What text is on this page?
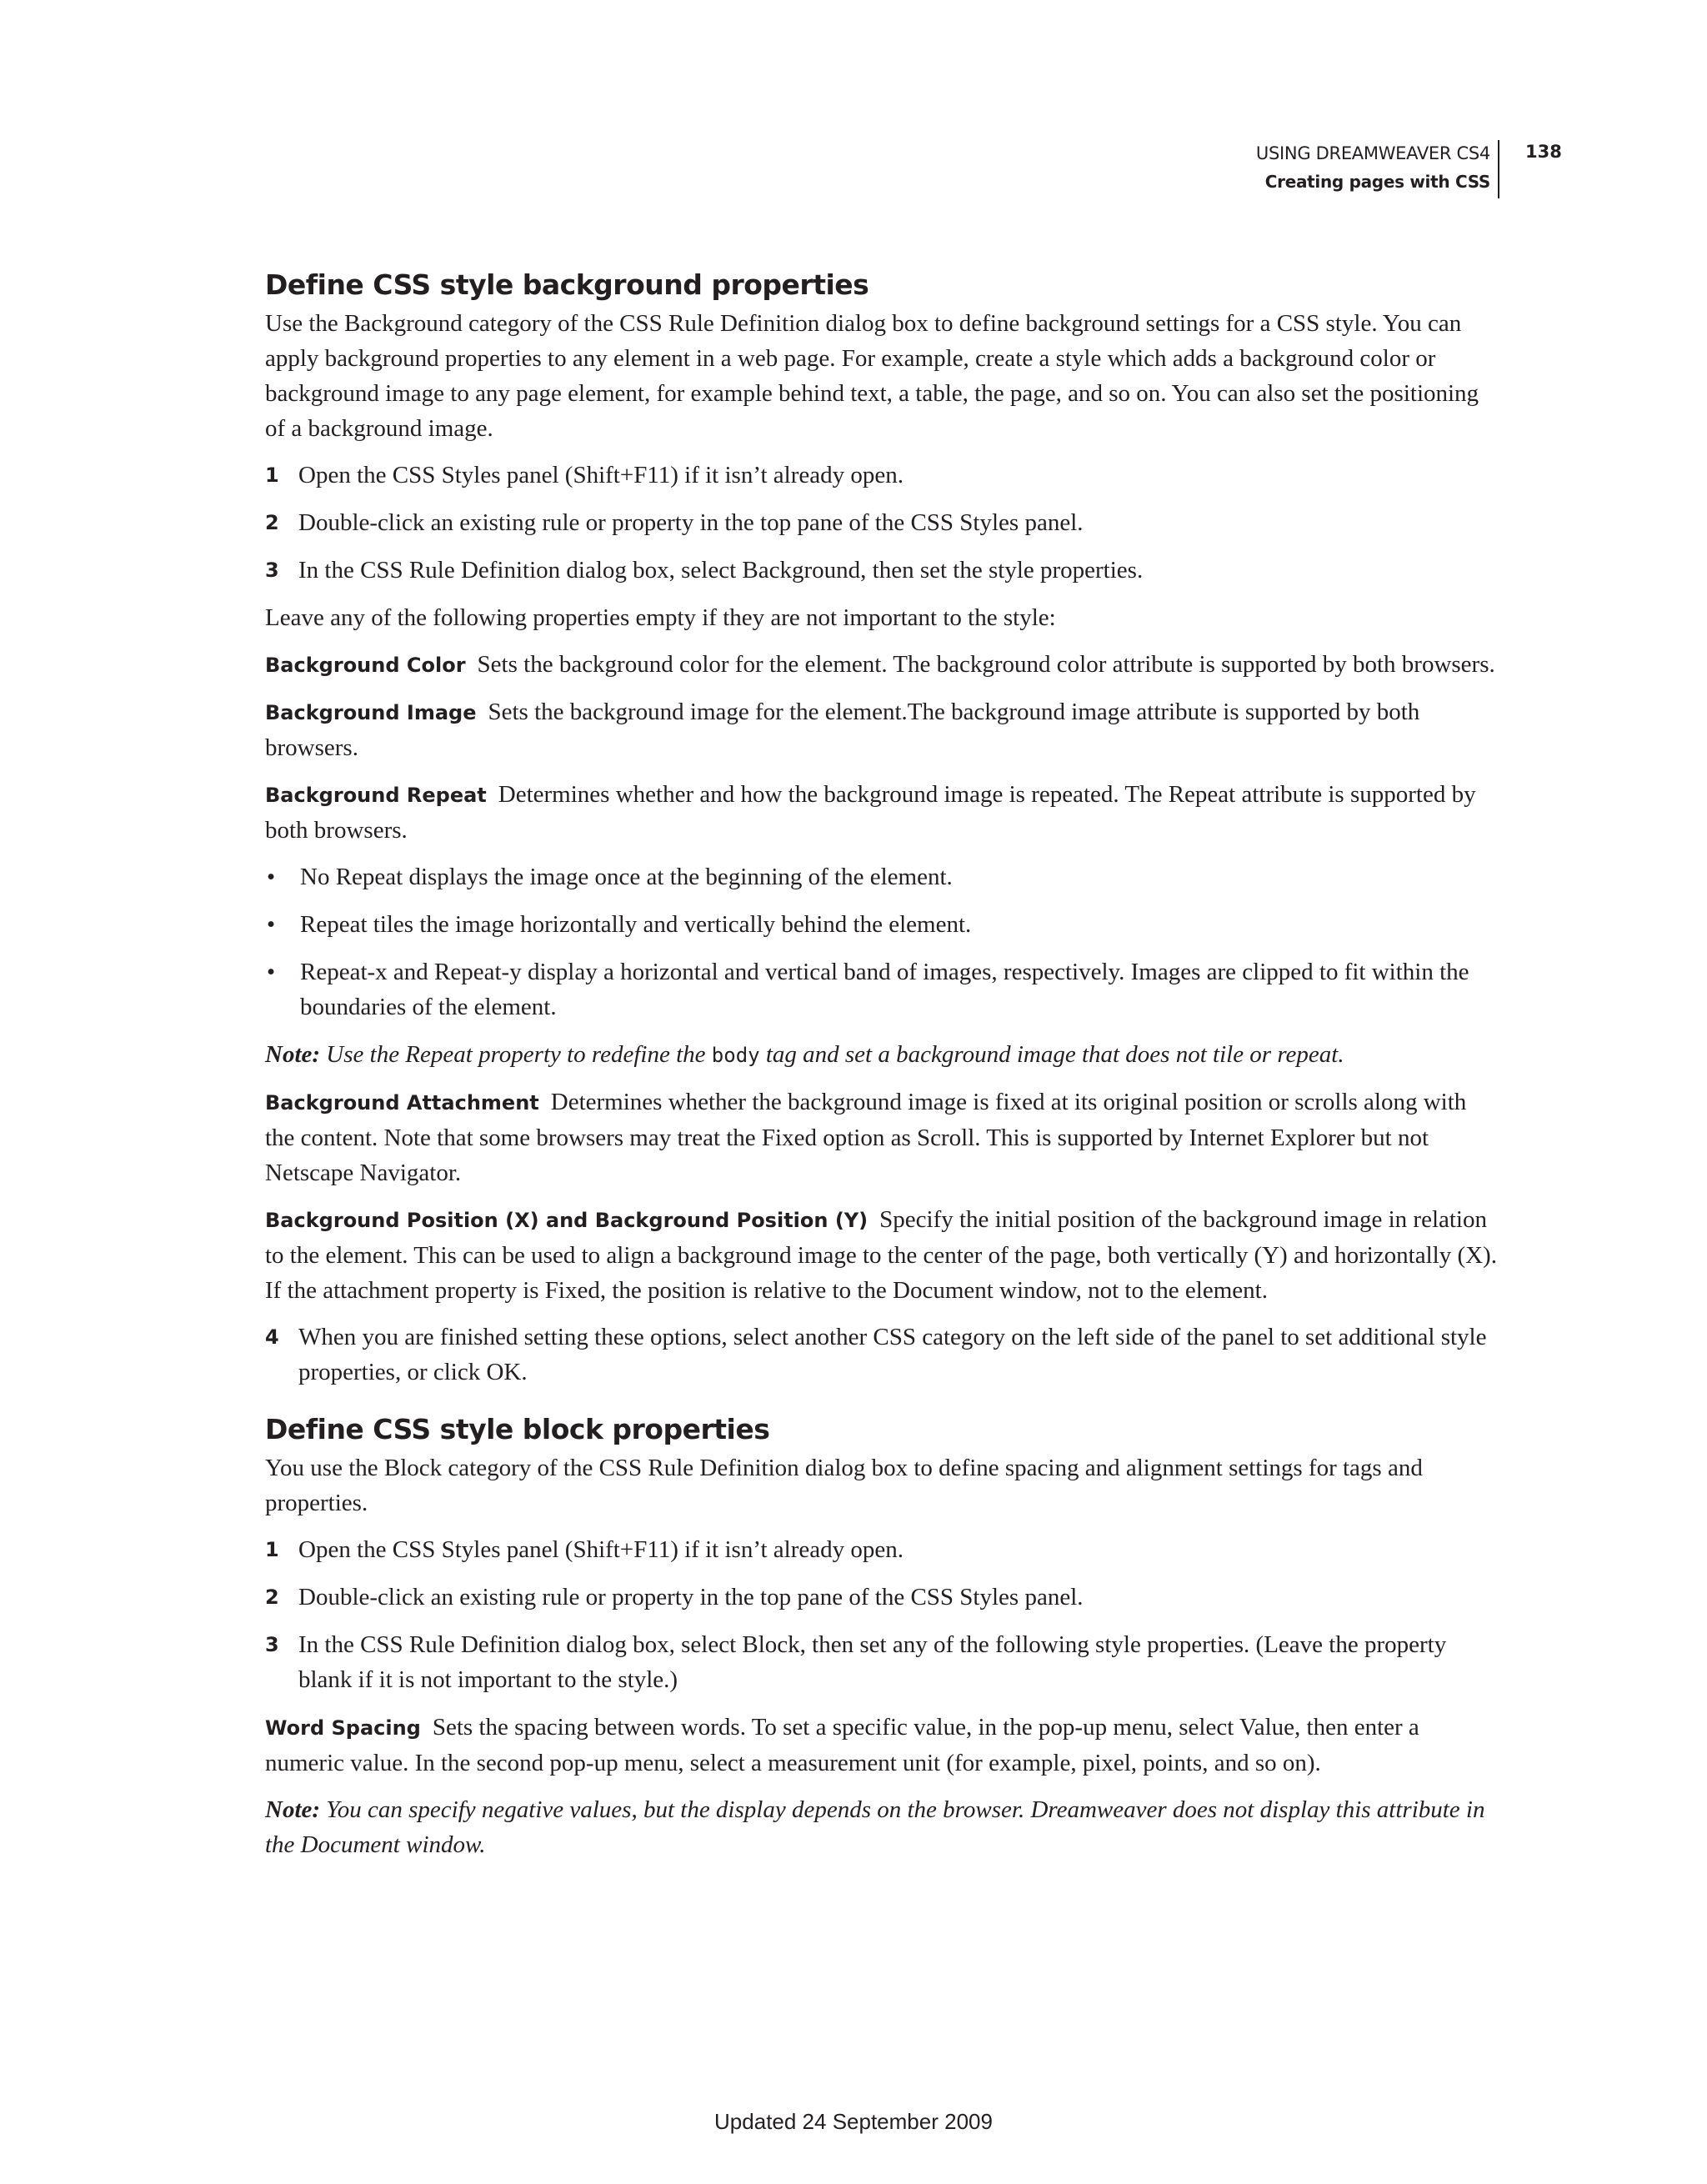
USING DREAMWEAVER CS4
Creating pages with CSS
138
Define CSS style background properties

Use the Background category of the CSS Rule Definition dialog box to define background settings for a CSS style. You can apply background properties to any element in a web page. For example, create a style which adds a background color or background image to any page element, for example behind text, a table, the page, and so on. You can also set the positioning of a background image.

1 Open the CSS Styles panel (Shift+F11) if it isn’t already open.
2 Double-click an existing rule or property in the top pane of the CSS Styles panel.
3 In the CSS Rule Definition dialog box, select Background, then set the style properties.

Leave any of the following properties empty if they are not important to the style:

Background Color Sets the background color for the element. The background color attribute is supported by both browsers.

Background Image Sets the background image for the element.The background image attribute is supported by both browsers.

Background Repeat Determines whether and how the background image is repeated. The Repeat attribute is supported by both browsers.

•	No Repeat displays the image once at the beginning of the element.
•	Repeat tiles the image horizontally and vertically behind the element.
•	Repeat-x and Repeat-y display a horizontal and vertical band of images, respectively. Images are clipped to fit within the boundaries of the element.

Note: Use the Repeat property to redefine the body tag and set a background image that does not tile or repeat.

Background Attachment Determines whether the background image is fixed at its original position or scrolls along with the content. Note that some browsers may treat the Fixed option as Scroll. This is supported by Internet Explorer but not Netscape Navigator.

Background Position (X) and Background Position (Y) Specify the initial position of the background image in relation to the element. This can be used to align a background image to the center of the page, both vertically (Y) and horizontally (X). If the attachment property is Fixed, the position is relative to the Document window, not to the element.

4 When you are finished setting these options, select another CSS category on the left side of the panel to set additional style properties, or click OK.
Define CSS style block properties

You use the Block category of the CSS Rule Definition dialog box to define spacing and alignment settings for tags and properties.

1 Open the CSS Styles panel (Shift+F11) if it isn’t already open.
2 Double-click an existing rule or property in the top pane of the CSS Styles panel.
3 In the CSS Rule Definition dialog box, select Block, then set any of the following style properties. (Leave the property blank if it is not important to the style.)

Word Spacing Sets the spacing between words. To set a specific value, in the pop-up menu, select Value, then enter a numeric value. In the second pop-up menu, select a measurement unit (for example, pixel, points, and so on).

Note: You can specify negative values, but the display depends on the browser. Dreamweaver does not display this attribute in the Document window.

Updated 24 September 2009
